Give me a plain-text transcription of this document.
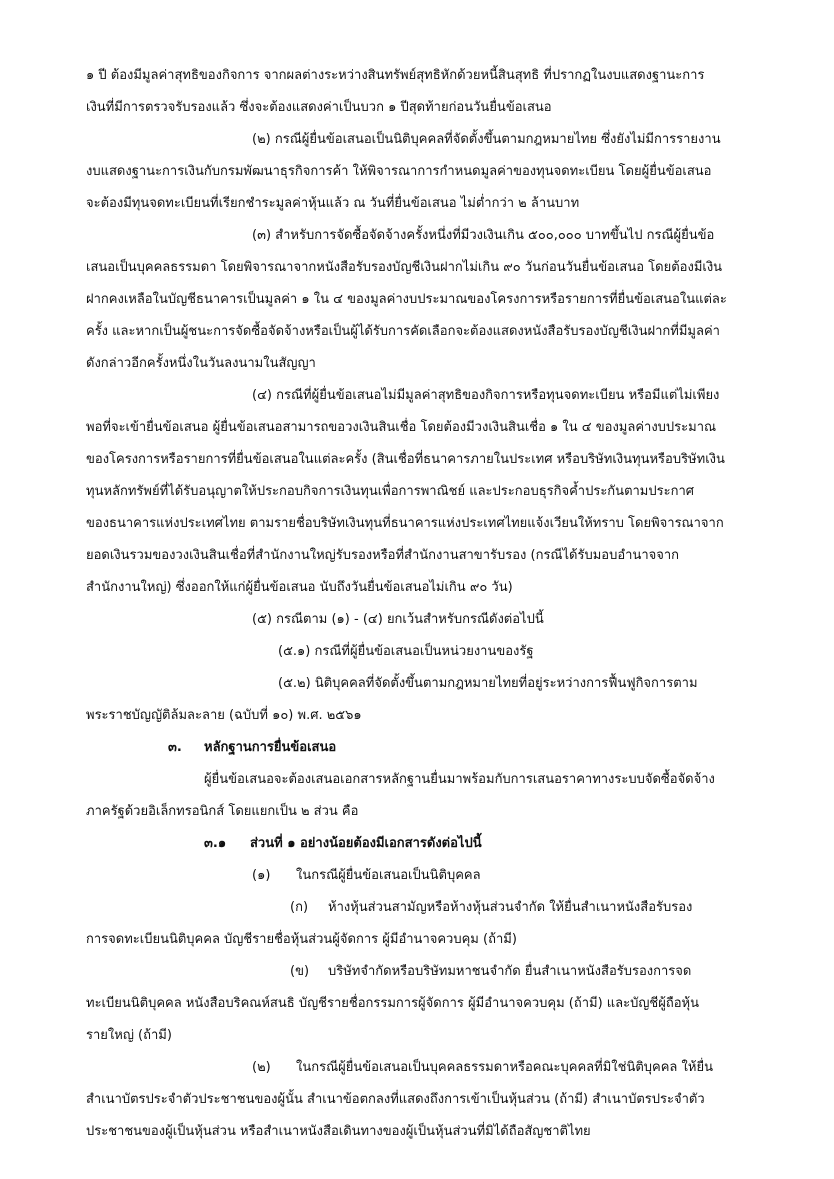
๑ ปี ต้องมีมูลค่าสุทธิของกิจการ จากผลต่างระหว่างสินทรัพย์สุทธิหักด้วยหนี้สินสุทธิ ที่ปรากฏในงบแสดงฐานะการ
เงินที่มีการตรวจรับรองแล้ว ซึ่งจะต้องแสดงค่าเป็นบวก ๑ ปีสุดท้ายก่อนวันยื่นข้อเสนอ
(๒) กรณีผู้ยื่นข้อเสนอเป็นนิติบุคคลที่จัดตั้งขึ้นตามกฎหมายไทย ซึ่งยังไม่มีการรายงาน
งบแสดงฐานะการเงินกับกรมพัฒนาธุรกิจการค้า ให้พิจารณาการกำหนดมูลค่าของทุนจดทะเบียน โดยผู้ยื่นข้อเสนอ
จะต้องมีทุนจดทะเบียนที่เรียกชำระมูลค่าหุ้นแล้ว ณ วันที่ยื่นข้อเสนอ ไม่ต่ำกว่า ๒ ล้านบาท
(๓) สำหรับการจัดซื้อจัดจ้างครั้งหนึ่งที่มีวงเงินเกิน ๕๐๐,๐๐๐ บาทขึ้นไป กรณีผู้ยื่นข้อ
เสนอเป็นบุคคลธรรมดา โดยพิจารณาจากหนังสือรับรองบัญชีเงินฝากไม่เกิน ๙๐ วันก่อนวันยื่นข้อเสนอ โดยต้องมีเงิน
ฝากคงเหลือในบัญชีธนาคารเป็นมูลค่า ๑ ใน ๔ ของมูลค่างบประมาณของโครงการหรือรายการที่ยื่นข้อเสนอในแต่ละ
ครั้ง และหากเป็นผู้ชนะการจัดซื้อจัดจ้างหรือเป็นผู้ได้รับการคัดเลือกจะต้องแสดงหนังสือรับรองบัญชีเงินฝากที่มีมูลค่า
ดังกล่าวอีกครั้งหนึ่งในวันลงนามในสัญญา
(๔) กรณีที่ผู้ยื่นข้อเสนอไม่มีมูลค่าสุทธิของกิจการหรือทุนจดทะเบียน หรือมีแต่ไม่เพียง
พอที่จะเข้ายื่นข้อเสนอ ผู้ยื่นข้อเสนอสามารถขอวงเงินสินเชื่อ โดยต้องมีวงเงินสินเชื่อ ๑ ใน ๔ ของมูลค่างบประมาณ
ของโครงการหรือรายการที่ยื่นข้อเสนอในแต่ละครั้ง (สินเชื่อที่ธนาคารภายในประเทศ หรือบริษัทเงินทุนหรือบริษัทเงิน
ทุนหลักทรัพย์ที่ได้รับอนุญาตให้ประกอบกิจการเงินทุนเพื่อการพาณิชย์ และประกอบธุรกิจค้ำประกันตามประกาศ
ของธนาคารแห่งประเทศไทย ตามรายชื่อบริษัทเงินทุนที่ธนาคารแห่งประเทศไทยแจ้งเวียนให้ทราบ โดยพิจารณาจาก
ยอดเงินรวมของวงเงินสินเชื่อที่สำนักงานใหญ่รับรองหรือที่สำนักงานสาขารับรอง (กรณีได้รับมอบอำนาจจาก
สำนักงานใหญ่) ซึ่งออกให้แก่ผู้ยื่นข้อเสนอ นับถึงวันยื่นข้อเสนอไม่เกิน ๙๐ วัน)
(๕) กรณีตาม (๑) - (๔) ยกเว้นสำหรับกรณีดังต่อไปนี้
(๕.๑) กรณีที่ผู้ยื่นข้อเสนอเป็นหน่วยงานของรัฐ
(๕.๒) นิติบุคคลที่จัดตั้งขึ้นตามกฎหมายไทยที่อยู่ระหว่างการฟื้นฟูกิจการตาม
พระราชบัญญัติล้มละลาย (ฉบับที่ ๑๐) พ.ศ. ๒๕๖๑
๓. หลักฐานการยื่นข้อเสนอ
ผู้ยื่นข้อเสนอจะต้องเสนอเอกสารหลักฐานยื่นมาพร้อมกับการเสนอราคาทางระบบจัดซื้อจัดจ้าง
ภาครัฐด้วยอิเล็กทรอนิกส์ โดยแยกเป็น ๒ ส่วน คือ
๓.๑ ส่วนที่ ๑ อย่างน้อยต้องมีเอกสารดังต่อไปนี้
(๑) ในกรณีผู้ยื่นข้อเสนอเป็นนิติบุคคล
(ก) ห้างหุ้นส่วนสามัญหรือห้างหุ้นส่วนจำกัด ให้ยื่นสำเนาหนังสือรับรอง
การจดทะเบียนนิติบุคคล บัญชีรายชื่อหุ้นส่วนผู้จัดการ ผู้มีอำนาจควบคุม (ถ้ามี)
(ข) บริษัทจำกัดหรือบริษัทมหาชนจำกัด ยื่นสำเนาหนังสือรับรองการจด
ทะเบียนนิติบุคคล หนังสือบริคณห์สนธิ บัญชีรายชื่อกรรมการผู้จัดการ ผู้มีอำนาจควบคุม (ถ้ามี) และบัญชีผู้ถือหุ้น
รายใหญ่ (ถ้ามี)
(๒) ในกรณีผู้ยื่นข้อเสนอเป็นบุคคลธรรมดาหรือคณะบุคคลที่มิใช่นิติบุคคล ให้ยื่น
สำเนาบัตรประจำตัวประชาชนของผู้นั้น สำเนาข้อตกลงที่แสดงถึงการเข้าเป็นหุ้นส่วน (ถ้ามี) สำเนาบัตรประจำตัว
ประชาชนของผู้เป็นหุ้นส่วน หรือสำเนาหนังสือเดินทางของผู้เป็นหุ้นส่วนที่มิได้ถือสัญชาติไทย
